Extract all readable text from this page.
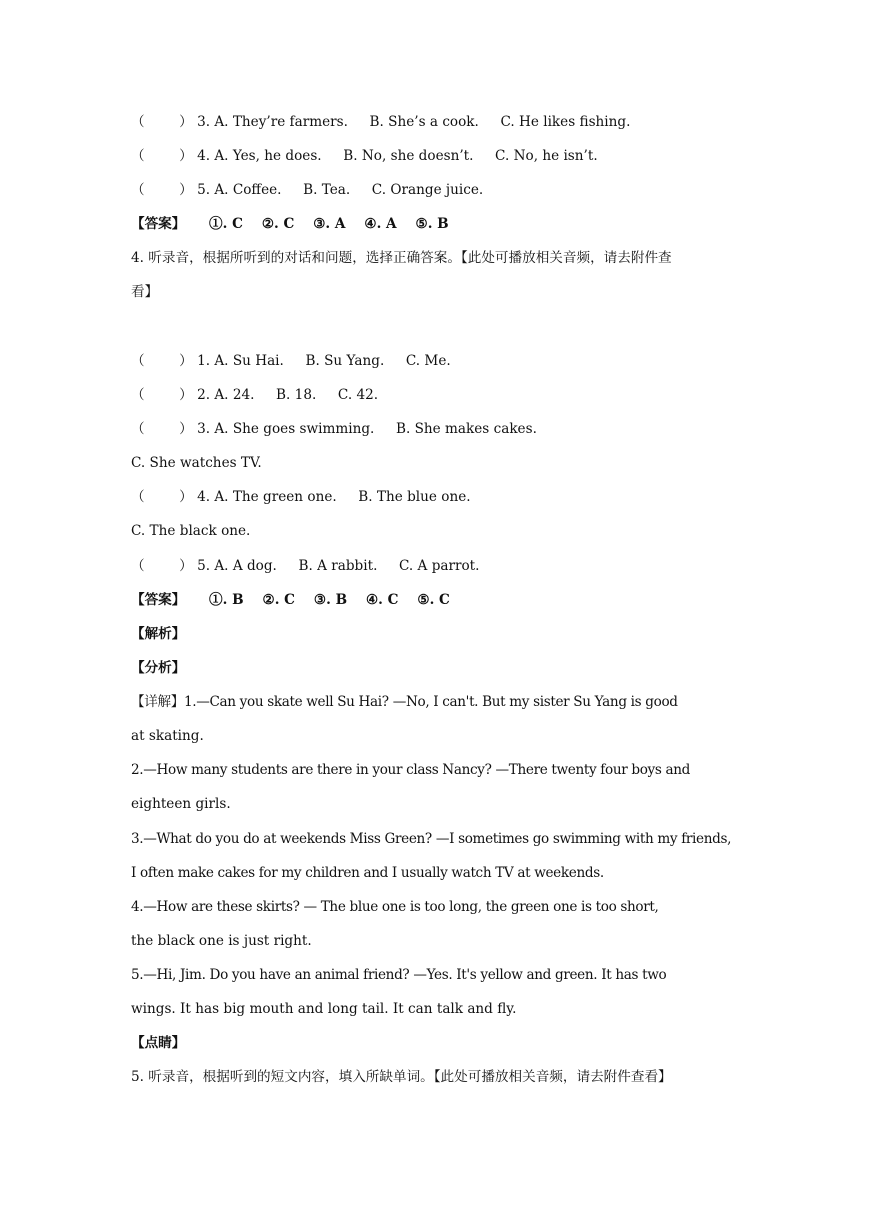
（        ） 3. A. They’re farmers.     B. She’s a cook.     C. He likes fishing.
（        ） 4. A. Yes, he does.     B. No, she doesn’t.     C. No, he isn’t.
（        ） 5. A. Coffee.     B. Tea.     C. Orange juice.
【答案】     ①. C    ②. C    ③. A    ④. A    ⑤. B
4. 听录音，根据所听到的对话和问题，选择正确答案。【此处可播放相关音频，请去附件查
看】
（        ） 1. A. Su Hai.     B. Su Yang.     C. Me.
（        ） 2. A. 24.     B. 18.     C. 42.
（        ） 3. A. She goes swimming.     B. She makes cakes.
C. She watches TV.
（        ） 4. A. The green one.     B. The blue one.
C. The black one.
（        ） 5. A. A dog.     B. A rabbit.     C. A parrot.
【答案】     ①. B    ②. C    ③. B    ④. C    ⑤. C
【解析】
【分析】
【详解】1.—Can you skate well Su Hai? —No, I can't. But my sister Su Yang is good
at skating.
2.—How many students are there in your class Nancy? —There twenty four boys and
eighteen girls.
3.—What do you do at weekends Miss Green? —I sometimes go swimming with my friends,
I often make cakes for my children and I usually watch TV at weekends.
4.—How are these skirts? — The blue one is too long, the green one is too short,
the black one is just right.
5.—Hi, Jim. Do you have an animal friend? —Yes. It's yellow and green. It has two
wings. It has big mouth and long tail. It can talk and fly.
【点睛】
5. 听录音，根据听到的短文内容，填入所缺单词。【此处可播放相关音频，请去附件查看】
